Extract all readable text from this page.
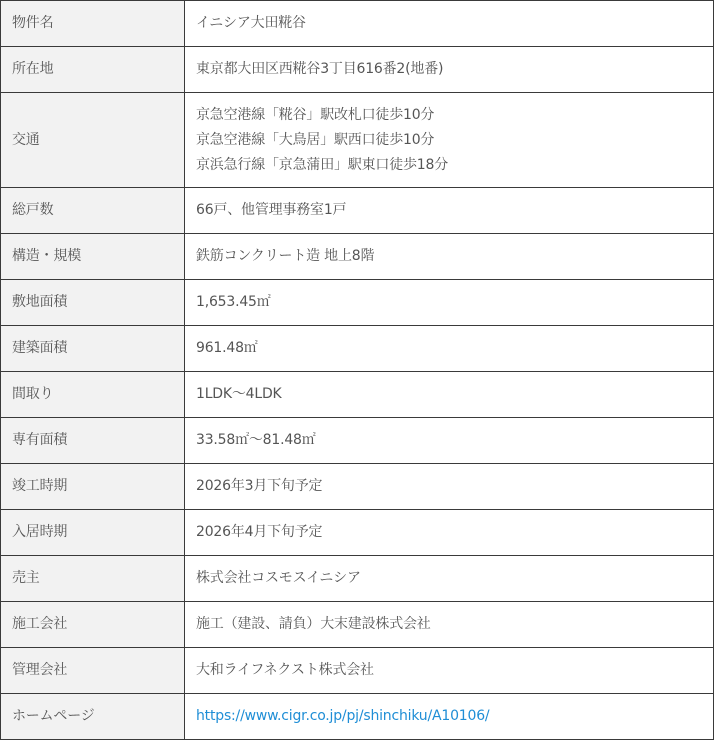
物件名	イニシア大田糀谷
所在地	東京都大田区西糀谷3丁目616番2(地番)
交通	京急空港線「糀谷」駅改札口徒歩10分
京急空港線「大鳥居」駅西口徒歩10分
京浜急行線「京急蒲田」駅東口徒歩18分

総戸数	66戸、他管理事務室1戸
構造・規模	鉄筋コンクリート造 地上8階
敷地面積	1,653.45㎡
建築面積	961.48㎡
間取り	1LDK～4LDK
専有面積	33.58㎡～81.48㎡
竣工時期	2026年3月下旬予定
入居時期	2026年4月下旬予定
売主	株式会社コスモスイニシア
施工会社	施工（建設、請負）大末建設株式会社
管理会社	大和ライフネクスト株式会社
ホームページ	https://www.cigr.co.jp/pj/shinchiku/A10106/
